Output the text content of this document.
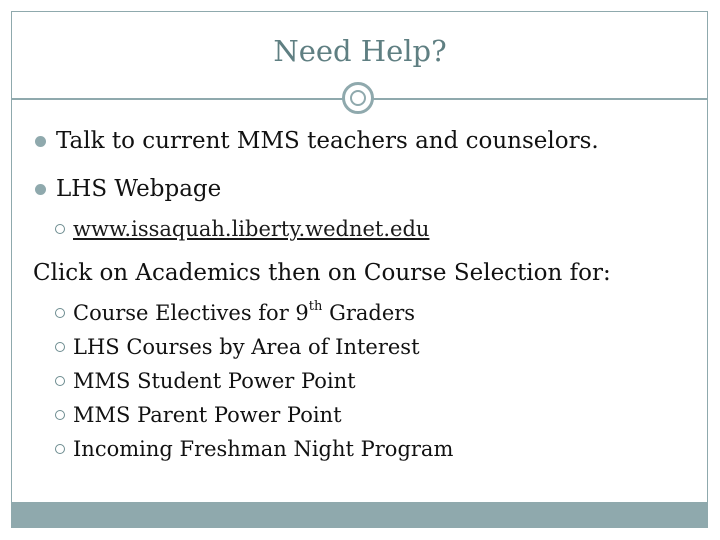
Need Help?
Talk to current MMS teachers and counselors.
LHS Webpage
www.issaquah.liberty.wednet.edu
Click on Academics then on Course Selection for:
Course Electives for 9th Graders
LHS Courses by Area of Interest
MMS Student Power Point
MMS Parent Power Point
Incoming Freshman Night Program
